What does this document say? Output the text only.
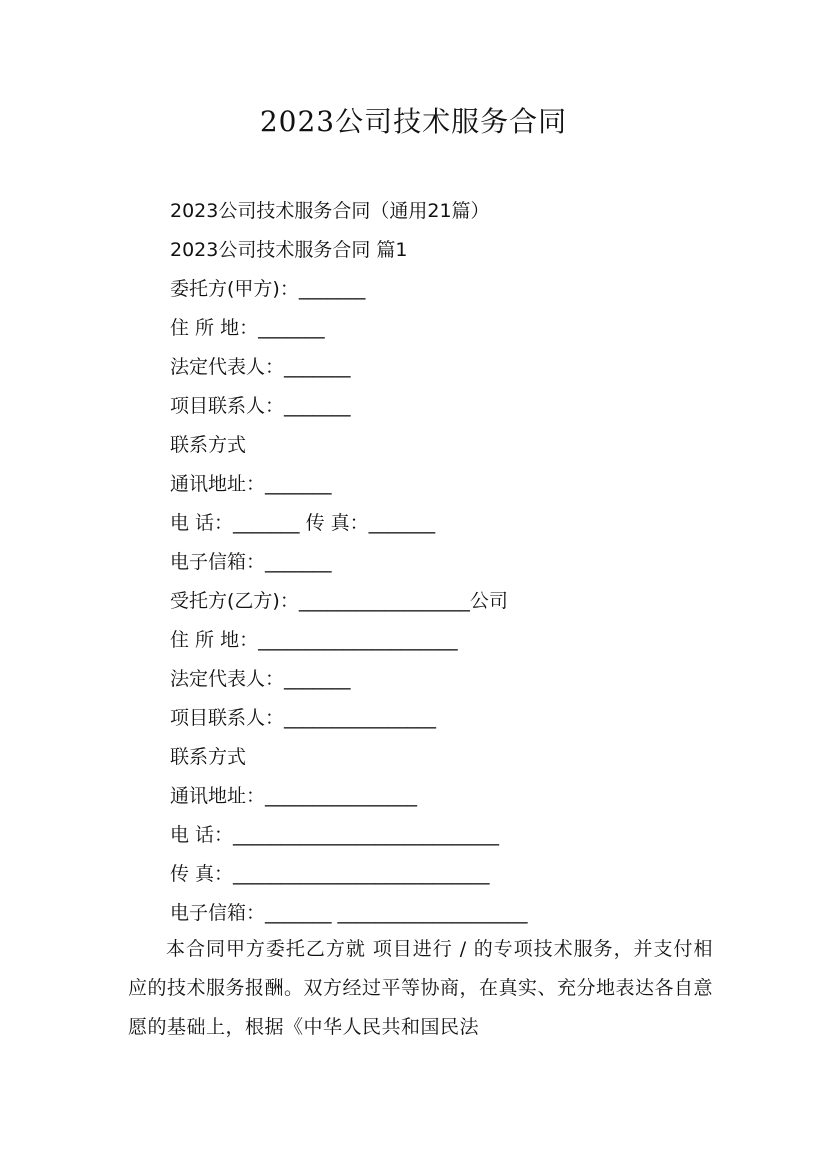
2023公司技术服务合同
2023公司技术服务合同（通用21篇）
2023公司技术服务合同 篇1
委托方(甲方)：_______
住 所 地：_______
法定代表人：_______
项目联系人：_______
联系方式
通讯地址：_______
电 话：_______ 传 真：_______
电子信箱：_______
受托方(乙方)：__________________公司
住 所 地：_____________________
法定代表人：_______
项目联系人：________________
联系方式
通讯地址：________________
电 话：____________________________
传 真：___________________________
电子信箱：_______ ____________________
本合同甲方委托乙方就 项目进行 / 的专项技术服务，并支付相应的技术服务报酬。双方经过平等协商，在真实、充分地表达各自意愿的基础上，根据《中华人民共和国民法
